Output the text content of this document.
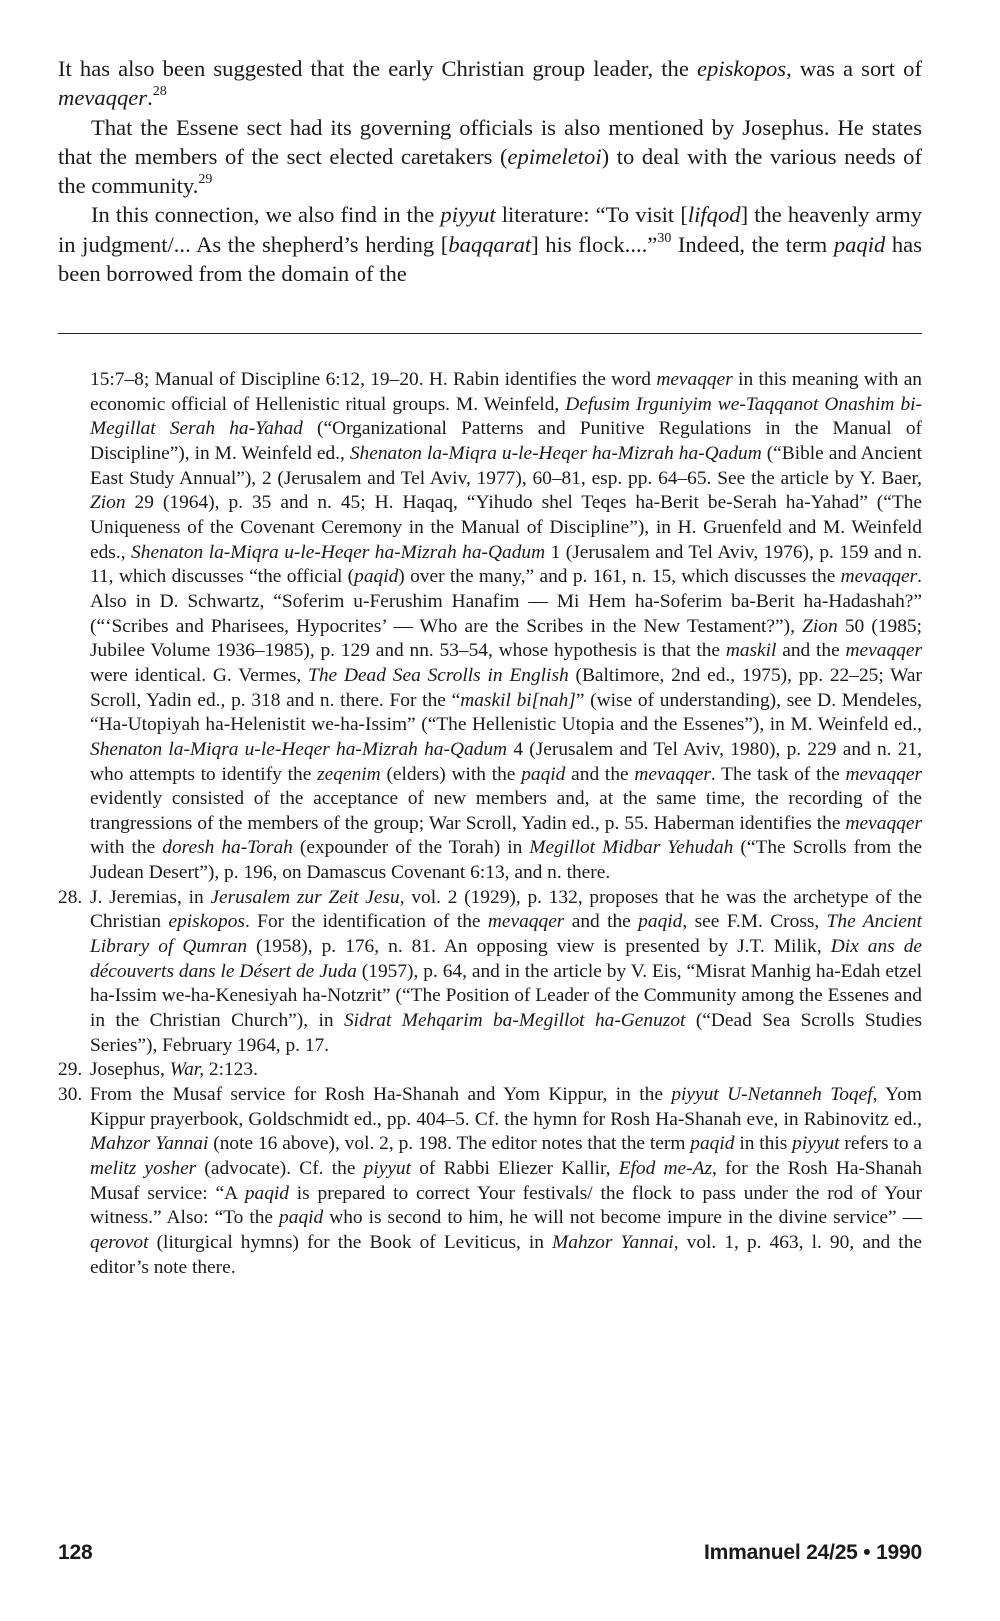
It has also been suggested that the early Christian group leader, the episkopos, was a sort of mevaqqer.$^{28}$

That the Essene sect had its governing officials is also mentioned by Josephus. He states that the members of the sect elected caretakers (epimeletoi) to deal with the various needs of the community.$^{29}$

In this connection, we also find in the piyyut literature: “To visit [lifqod] the heavenly army in judgment/... As the shepherd’s herding [baqqarat] his flock....”$^{30}$ Indeed, the term paqid has been borrowed from the domain of the

15:7–8; Manual of Discipline 6:12, 19–20. H. Rabin identifies the word mevaqqer in this meaning with an economic official of Hellenistic ritual groups. M. Weinfeld, Defusim Irguniyim we-Taqqanot Onashim bi-Megillat Serah ha-Yahad (“Organizational Patterns and Punitive Regulations in the Manual of Discipline”), in M. Weinfeld ed., Shenaton la-Miqra u-le-Heqer ha-Mizrah ha-Qadum (“Bible and Ancient East Study Annual”), 2 (Jerusalem and Tel Aviv, 1977), 60–81, esp. pp. 64–65. See the article by Y. Baer, Zion 29 (1964), p. 35 and n. 45; H. Haqaq, “Yihudo shel Teqes ha-Berit be-Serah ha-Yahad” (“The Uniqueness of the Covenant Ceremony in the Manual of Discipline”), in H. Gruenfeld and M. Weinfeld eds., Shenaton la-Miqra u-le-Heqer ha-Mizrah ha-Qadum 1 (Jerusalem and Tel Aviv, 1976), p. 159 and n. 11, which discusses “the official (paqid) over the many,” and p. 161, n. 15, which discusses the mevaqqer. Also in D. Schwartz, “Soferim u-Ferushim Hanafim — Mi Hem ha-Soferim ba-Berit ha-Hadashah?” (“‘Scribes and Pharisees, Hypocrites’ — Who are the Scribes in the New Testament?”), Zion 50 (1985; Jubilee Volume 1936–1985), p. 129 and nn. 53–54, whose hypothesis is that the maskil and the mevaqqer were identical. G. Vermes, The Dead Sea Scrolls in English (Baltimore, 2nd ed., 1975), pp. 22–25; War Scroll, Yadin ed., p. 318 and n. there. For the “maskil bi[nah]” (wise of understanding), see D. Mendeles, “Ha-Utopiyah ha-Helenistit we-ha-Issim” (“The Hellenistic Utopia and the Essenes”), in M. Weinfeld ed., Shenaton la-Miqra u-le-Heqer ha-Mizrah ha-Qadum 4 (Jerusalem and Tel Aviv, 1980), p. 229 and n. 21, who attempts to identify the zeqenim (elders) with the paqid and the mevaqqer. The task of the mevaqqer evidently consisted of the acceptance of new members and, at the same time, the recording of the trangressions of the members of the group; War Scroll, Yadin ed., p. 55. Haberman identifies the mevaqqer with the doresh ha-Torah (expounder of the Torah) in Megillot Midbar Yehudah (“The Scrolls from the Judean Desert”), p. 196, on Damascus Covenant 6:13, and n. there.

28. J. Jeremias, in Jerusalem zur Zeit Jesu, vol. 2 (1929), p. 132, proposes that he was the archetype of the Christian episkopos. For the identification of the mevaqqer and the paqid, see F.M. Cross, The Ancient Library of Qumran (1958), p. 176, n. 81. An opposing view is presented by J.T. Milik, Dix ans de découverts dans le Désert de Juda (1957), p. 64, and in the article by V. Eis, “Misrat Manhig ha-Edah etzel ha-Issim we-ha-Kenesiyah ha-Notzrit” (“The Position of Leader of the Community among the Essenes and in the Christian Church”), in Sidrat Mehqarim ba-Megillot ha-Genuzot (“Dead Sea Scrolls Studies Series”), February 1964, p. 17.

29. Josephus, War, 2:123.

30. From the Musaf service for Rosh Ha-Shanah and Yom Kippur, in the piyyut U-Netanneh Toqef, Yom Kippur prayerbook, Goldschmidt ed., pp. 404–5. Cf. the hymn for Rosh Ha-Shanah eve, in Rabinovitz ed., Mahzor Yannai (note 16 above), vol. 2, p. 198. The editor notes that the term paqid in this piyyut refers to a melitz yosher (advocate). Cf. the piyyut of Rabbi Eliezer Kallir, Efod me-Az, for the Rosh Ha-Shanah Musaf service: “A paqid is prepared to correct Your festivals/ the flock to pass under the rod of Your witness.” Also: “To the paqid who is second to him, he will not become impure in the divine service” — qerovot (liturgical hymns) for the Book of Leviticus, in Mahzor Yannai, vol. 1, p. 463, l. 90, and the editor’s note there.

128	Immanuel 24/25 • 1990
